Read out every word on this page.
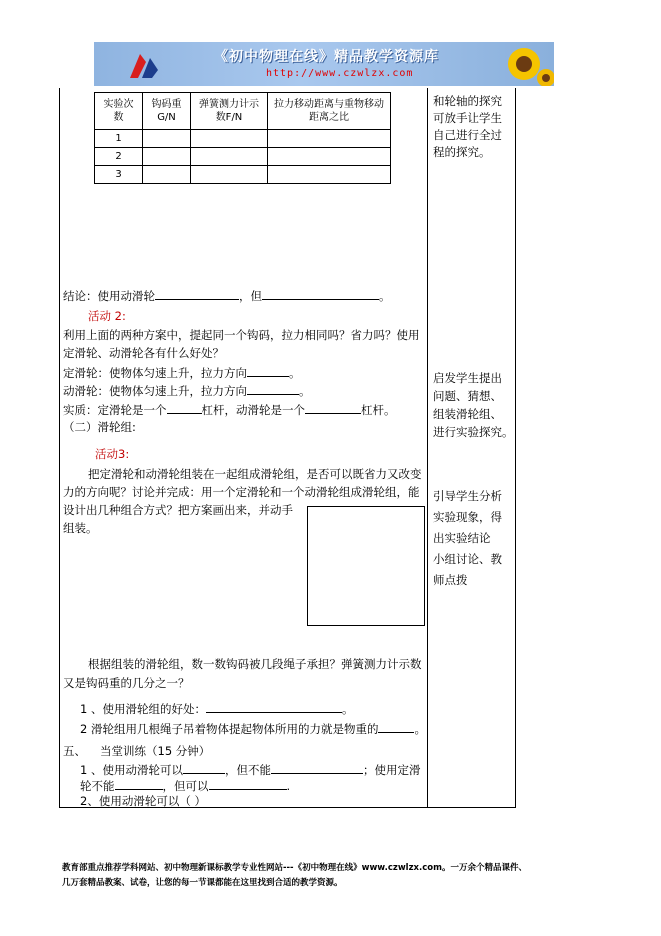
《初中物理在线》精品教学资源库
http://www.czwlzx.com
实验次数	钩码重G/N	弹簧测力计示数F/N	拉力移动距离与重物移动距离之比

1			
2			
3			
和轮轴的探究
可放手让学生
自己进行全过
程的探究。
启发学生提出
问题、猜想、
组装滑轮组、
进行实验探究。
引导学生分析
实验现象，得
出实验结论
小组讨论、教
师点拨
结论：使用动滑轮	，但	。
活动 2:
利用上面的两种方案中，提起同一个钩码，拉力相同吗？省力吗？使用
定滑轮、动滑轮各有什么好处？
定滑轮：使物体匀速上升，拉力方向	。
动滑轮：使物体匀速上升，拉力方向	。
实质：定滑轮是一个	杠杆，动滑轮是一个	杠杆。
（二）滑轮组:
活动3:
把定滑轮和动滑轮组装在一起组成滑轮组，是否可以既省力又改变
力的方向呢？讨论并完成：用一个定滑轮和一个动滑轮组成滑轮组，能
设计出几种组合方式？把方案画出来，并动手
组装。
根据组装的滑轮组，数一数钩码被几段绳子承担？弹簧测力计示数
又是钩码重的几分之一？
1 、使用滑轮组的好处：	。
2 滑轮组用几根绳子吊着物体提起物体所用的力就是物重的	。
五、 当堂训练（15 分钟）
1 、使用动滑轮可以	，但不能	；使用定滑
轮不能	，但可以	.
2、使用动滑轮可以（ ）
教育部重点推荐学科网站、初中物理新课标教学专业性网站---《初中物理在线》www.czwlzx.com。一万余个精品课件、
几万套精品教案、试卷，让您的每一节课都能在这里找到合适的教学资源。
